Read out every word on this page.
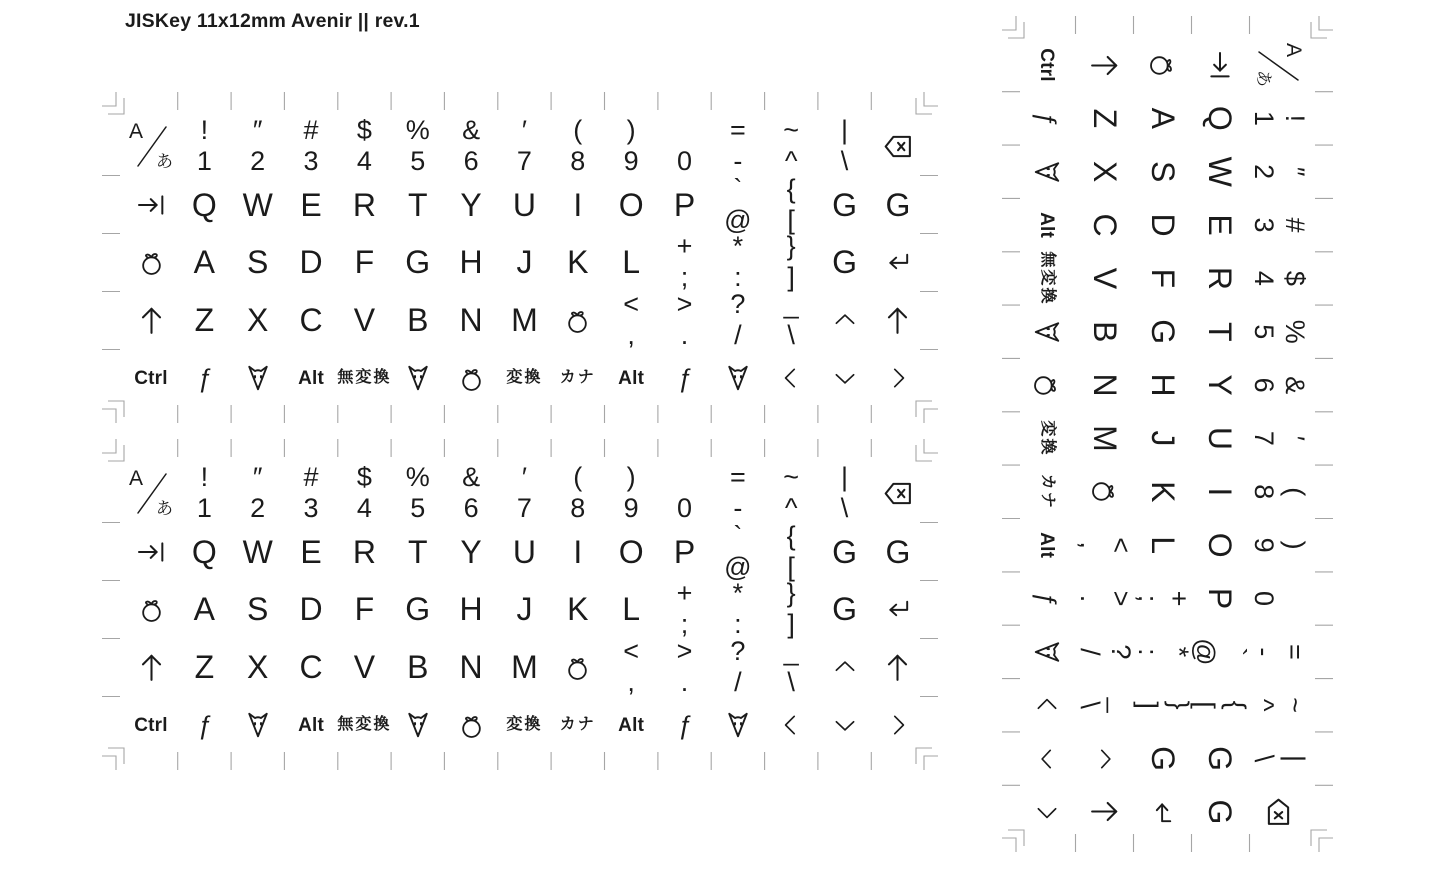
JISKey 11x12mm Avenir || rev.1
A
あ
!
1
″
2
#
3
$
4
%
5
&
6
′
7
(
8
)
9 0
=
-
~
^
|
\
Q W E R T Y U I O P	`
@
{
[ G G
A S D F G H J K L +
;
*
:
}
] G
Z X C V B N M	<
,
>
.
?
/
_
\
Ctrl ƒ	Alt 無変換	変換 カナ Alt ƒ
A
あ
!
1
″
2
#
3
$
4
%
5
&
6
′
7
(
8
)
9 0
=
-
~
^
|
\
Q W E R T Y U I O P	`
@
{
[ G G
A S D F G H J K L +
;
*
:
}
] G
Z X C V B N M	<
,
>
.
?
/
_
\
Ctrl ƒ	Alt 無変換	変換 カナ Alt ƒ
A
あ
!
1
″
2
#
3
$
4
%
5
&
6
′
7
(
8
)
9
0
=
-
~
^
|
\
Q
W
E
R
T
Y
U
I
O
P
`
@
{
[
G
G
A
S
D
F
G
H
J
K
L
+
;
*
:
}
]
G
Z
X
C
V
B
N
M
<
,
>
.
?
/
_
\
Ctrl
ƒ
Alt
無変換
変換
カナ
Alt
ƒ
